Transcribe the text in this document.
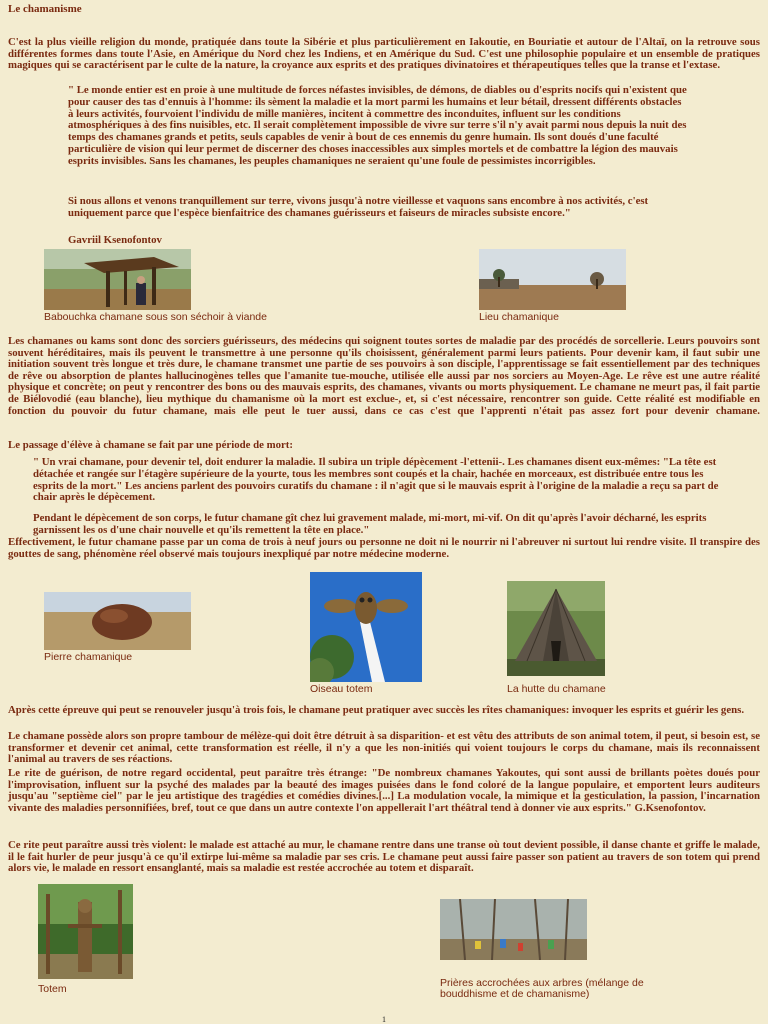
Le chamanisme

C'est la plus vieille religion du monde, pratiquée dans toute la Sibérie et plus particulièrement en Iakoutie, en Bouriatie et autour de l'Altaï, on la retrouve sous différentes formes dans toute l'Asie, en Amérique du Nord chez les Indiens, et en Amérique du Sud. C'est une philosophie populaire et un ensemble de pratiques magiques qui se caractérisent par le culte de la nature, la croyance aux esprits et des pratiques divinatoires et thérapeutiques telles que la transe et l'extase.

" Le monde entier est en proie à une multitude de forces néfastes invisibles, de démons, de diables ou d'esprits nocifs qui n'existent que pour causer des tas d'ennuis à l'homme: ils sèment la maladie et la mort parmi les humains et leur bétail, dressent différents obstacles à leurs activités, fourvoient l'individu de mille manières, incitent à commettre des inconduites, influent sur les conditions atmosphériques à des fins nuisibles, etc. Il serait complètement impossible de vivre sur terre s'il n'y avait parmi nous depuis la nuit des temps des chamanes grands et petits, seuls capables de venir à bout de ces ennemis du genre humain. Ils sont doués d'une faculté particulière de vision qui leur permet de discerner des choses inaccessibles aux simples mortels et de combattre la légion des mauvais esprits invisibles. Sans les chamanes, les peuples chamaniques ne seraient qu'une foule de pessimistes incorrigibles.

Si nous allons et venons tranquillement sur terre, vivons jusqu'à notre vieillesse et vaquons sans encombre à nos activités, c'est uniquement parce que l'espèce bienfaitrice des chamanes guérisseurs et faiseurs de miracles subsiste encore."

Gavriil Ksenofontov

Babouchka chamane sous son séchoir à viande	Lieu chamanique

Les chamanes ou kams sont donc des sorciers guérisseurs, des médecins qui soignent toutes sortes de maladie par des procédés de sorcellerie. Leurs pouvoirs sont souvent héréditaires, mais ils peuvent le transmettre à une personne qu'ils choisissent, généralement parmi leurs patients. Pour devenir kam, il faut subir une initiation souvent très longue et très dure, le chamane transmet une partie de ses pouvoirs à son disciple, l'apprentissage se fait essentiellement par des techniques de rêve ou absorption de plantes hallucinogènes telles que l'amanite tue-mouche, utilisée elle aussi par nos sorciers au Moyen-Age. Le rêve est une autre réalité physique et concrète; on peut y rencontrer des bons ou des mauvais esprits, des chamanes, vivants ou morts physiquement. Le chamane ne meurt pas, il fait partie de Biélovodié (eau blanche), lieu mythique du chamanisme où la mort est exclue-, et, si c'est nécessaire, rencontrer son guide. Cette réalité est modifiable en fonction du pouvoir du futur chamane, mais elle peut le tuer aussi, dans ce cas c'est que l'apprenti n'était pas assez fort pour devenir chamane.

Le passage d'élève à chamane se fait par une période de mort:

" Un vrai chamane, pour devenir tel, doit endurer la maladie. Il subira un triple dépècement -l'ettenii-. Les chamanes disent eux-mêmes: "La tête est détachée et rangée sur l'étagère supérieure de la yourte, tous les membres sont coupés et la chair, hachée en morceaux, est distribuée entre tous les esprits de la mort." Les anciens parlent des pouvoirs curatifs du chamane : il n'agit que si le mauvais esprit à l'origine de la maladie a reçu sa part de chair après le dépècement.

Pendant le dépècement de son corps, le futur chamane gît chez lui gravement malade, mi-mort, mi-vif. On dit qu'après l'avoir décharné, les esprits garnissent les os d'une chair nouvelle et qu'ils remettent la tête en place."

Effectivement, le futur chamane passe par un coma de trois à neuf jours ou personne ne doit ni le nourrir ni l'abreuver ni surtout lui rendre visite. Il transpire des gouttes de sang, phénomène réel observé mais toujours inexpliqué par notre médecine moderne.

Pierre chamanique
Oiseau totem	La hutte du chamane

Après cette épreuve qui peut se renouveler jusqu'à trois fois, le chamane peut pratiquer avec succès les rîtes chamaniques: invoquer les esprits et guérir les gens.

Le chamane possède alors son propre tambour de mélèze-qui doit être détruit à sa disparition- et est vêtu des attributs de son animal totem, il peut, si besoin est, se transformer et devenir cet animal, cette transformation est réelle, il n'y a que les non-initiés qui voient toujours le corps du chamane, mais ils reconnaissent l'animal au travers de ses réactions.

Le rite de guérison, de notre regard occidental, peut paraître très étrange: "De nombreux chamanes Yakoutes, qui sont aussi de brillants poètes doués pour l'improvisation, influent sur la psyché des malades par la beauté des images puisées dans le fond coloré de la langue populaire, et emportent leurs auditeurs jusqu'au "septième ciel" par le jeu artistique des tragédies et comédies divines.[...] La modulation vocale, la mimique et la gesticulation, la passion, l'incarnation vivante des maladies personnifiées, bref, tout ce que dans un autre contexte l'on appellerait l'art théâtral tend à donner vie aux esprits." G.Ksenofontov.

Ce rite peut paraître aussi très violent: le malade est attaché au mur, le chamane rentre dans une transe où tout devient possible, il danse chante et griffe le malade, il le fait hurler de peur jusqu'à ce qu'il extirpe lui-même sa maladie par ses cris. Le chamane peut aussi faire passer son patient au travers de son totem qui prend alors vie, le malade en ressort ensanglanté, mais sa maladie est restée accrochée au totem et disparaît.

Totem	Prières accrochées aux arbres (mélange de bouddhisme et de chamanisme)
1
